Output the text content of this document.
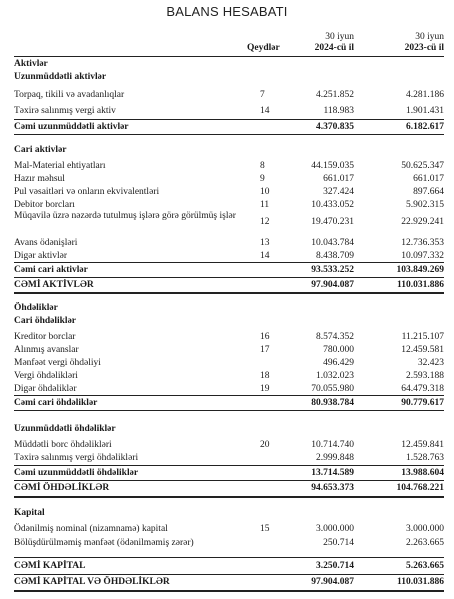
BALANS HESABATI
Qeydlər
30 iyun
2024-cü il
30 iyun
2023-cü il
Aktivlər
Uzunmüddətli aktivlər
Torpaq, tikili və avadanlıqlar	7	4.251.852	4.281.186
Təxirə salınmış vergi aktiv	14	118.983	1.901.431
Cəmi uzunmüddətli aktivlər	4.370.835	6.182.617
Cari aktivlər
Mal-Material ehtiyatları	8	44.159.035	50.625.347
Hazır məhsul	9	661.017	661.017
Pul vəsaitləri və onların ekvivalentləri	10	327.424	897.664
Debitor borcları	11	10.433.052	5.902.315
Müqavilə üzrə nəzərdə tutulmuş işlərə görə görülmüş işlər
12	19.470.231	22.929.241
Avans ödənişləri	13	10.043.784	12.736.353
Digər aktivlər	14	8.438.709	10.097.332
Cəmi cari aktivlər	93.533.252	103.849.269
CƏMİ AKTİVLƏR	97.904.087	110.031.886
Öhdəliklər
Cari öhdəliklər
Kreditor borclar	16	8.574.352	11.215.107
Alınmış avanslar	17	780.000	12.459.581
Mənfəət vergi öhdəliyi	496.429	32.423
Vergi öhdəlikləri	18	1.032.023	2.593.188
Digər öhdəliklər	19	70.055.980	64.479.318
Cəmi cari öhdəliklər	80.938.784	90.779.617
Uzunmüddətli öhdəliklər
Müddətli borc öhdəlikləri	20	10.714.740	12.459.841
Təxirə salınmış vergi öhdəlikləri	2.999.848	1.528.763
Cəmi uzunmüddətli öhdəliklər	13.714.589	13.988.604
CƏMİ ÖHDƏLİKLƏR	94.653.373	104.768.221
Kapital
Ödənilmiş nominal (nizamnamə) kapital	15	3.000.000	3.000.000
Bölüşdürülməmiş mənfəət (ödənilməmiş zərər)	250.714	2.263.665
CƏMİ KAPİTAL	3.250.714	5.263.665
CƏMİ KAPİTAL VƏ ÖHDƏLİKLƏR	97.904.087	110.031.886
